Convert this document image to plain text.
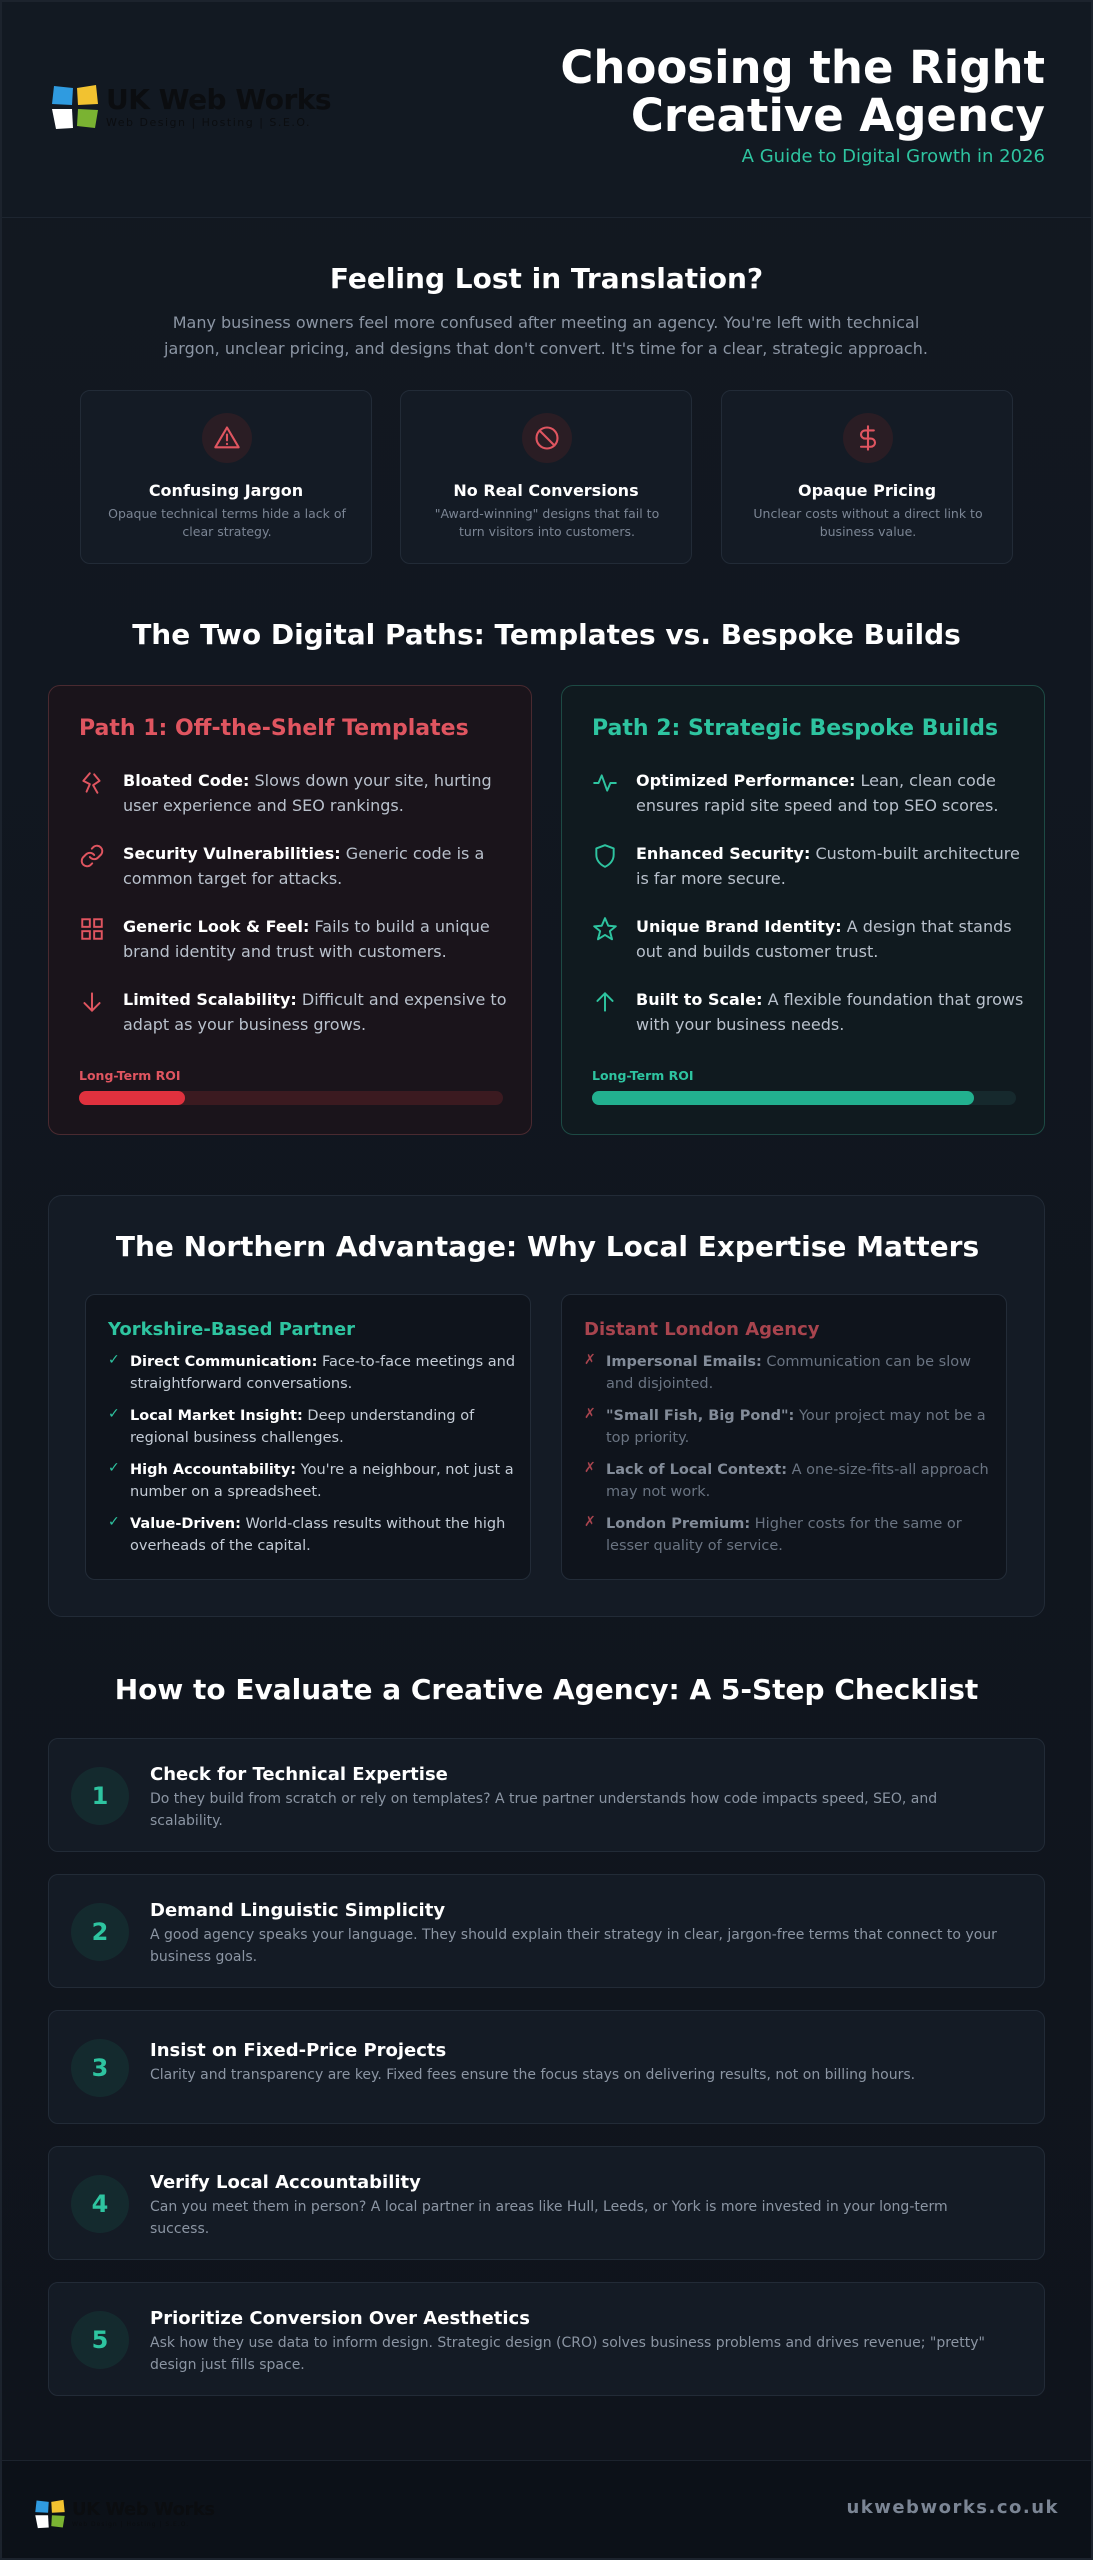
UK Web Works
Web Design | Hosting | S.E.O.
Choosing the Right Creative Agency
A Guide to Digital Growth in 2026
Feeling Lost in Translation?
Many business owners feel more confused after meeting an agency. You're left with technical jargon, unclear pricing, and designs that don't convert. It's time for a clear, strategic approach.
Confusing Jargon
Opaque technical terms hide a lack of clear strategy.
No Real Conversions
"Award-winning" designs that fail to turn visitors into customers.
Opaque Pricing
Unclear costs without a direct link to business value.
The Two Digital Paths: Templates vs. Bespoke Builds
Path 1: Off-the-Shelf Templates
Bloated Code: Slows down your site, hurting user experience and SEO rankings.
Security Vulnerabilities: Generic code is a common target for attacks.
Generic Look & Feel: Fails to build a unique brand identity and trust with customers.
Limited Scalability: Difficult and expensive to adapt as your business grows.
Long-Term ROI
Path 2: Strategic Bespoke Builds
Optimized Performance: Lean, clean code ensures rapid site speed and top SEO scores.
Enhanced Security: Custom-built architecture is far more secure.
Unique Brand Identity: A design that stands out and builds customer trust.
Built to Scale: A flexible foundation that grows with your business needs.
Long-Term ROI
The Northern Advantage: Why Local Expertise Matters
Yorkshire-Based Partner
✓ Direct Communication: Face-to-face meetings and straightforward conversations.
✓ Local Market Insight: Deep understanding of regional business challenges.
✓ High Accountability: You're a neighbour, not just a number on a spreadsheet.
✓ Value-Driven: World-class results without the high overheads of the capital.
Distant London Agency
✗ Impersonal Emails: Communication can be slow and disjointed.
✗ "Small Fish, Big Pond": Your project may not be a top priority.
✗ Lack of Local Context: A one-size-fits-all approach may not work.
✗ London Premium: Higher costs for the same or lesser quality of service.
How to Evaluate a Creative Agency: A 5-Step Checklist
1
Check for Technical Expertise
Do they build from scratch or rely on templates? A true partner understands how code impacts speed, SEO, and scalability.
2
Demand Linguistic Simplicity
A good agency speaks your language. They should explain their strategy in clear, jargon-free terms that connect to your business goals.
3
Insist on Fixed-Price Projects
Clarity and transparency are key. Fixed fees ensure the focus stays on delivering results, not on billing hours.
4
Verify Local Accountability
Can you meet them in person? A local partner in areas like Hull, Leeds, or York is more invested in your long-term success.
5
Prioritize Conversion Over Aesthetics
Ask how they use data to inform design. Strategic design (CRO) solves business problems and drives revenue; "pretty" design just fills space.
UK Web Works
Web Design | Hosting | S.E.O.
ukwebworks.co.uk
